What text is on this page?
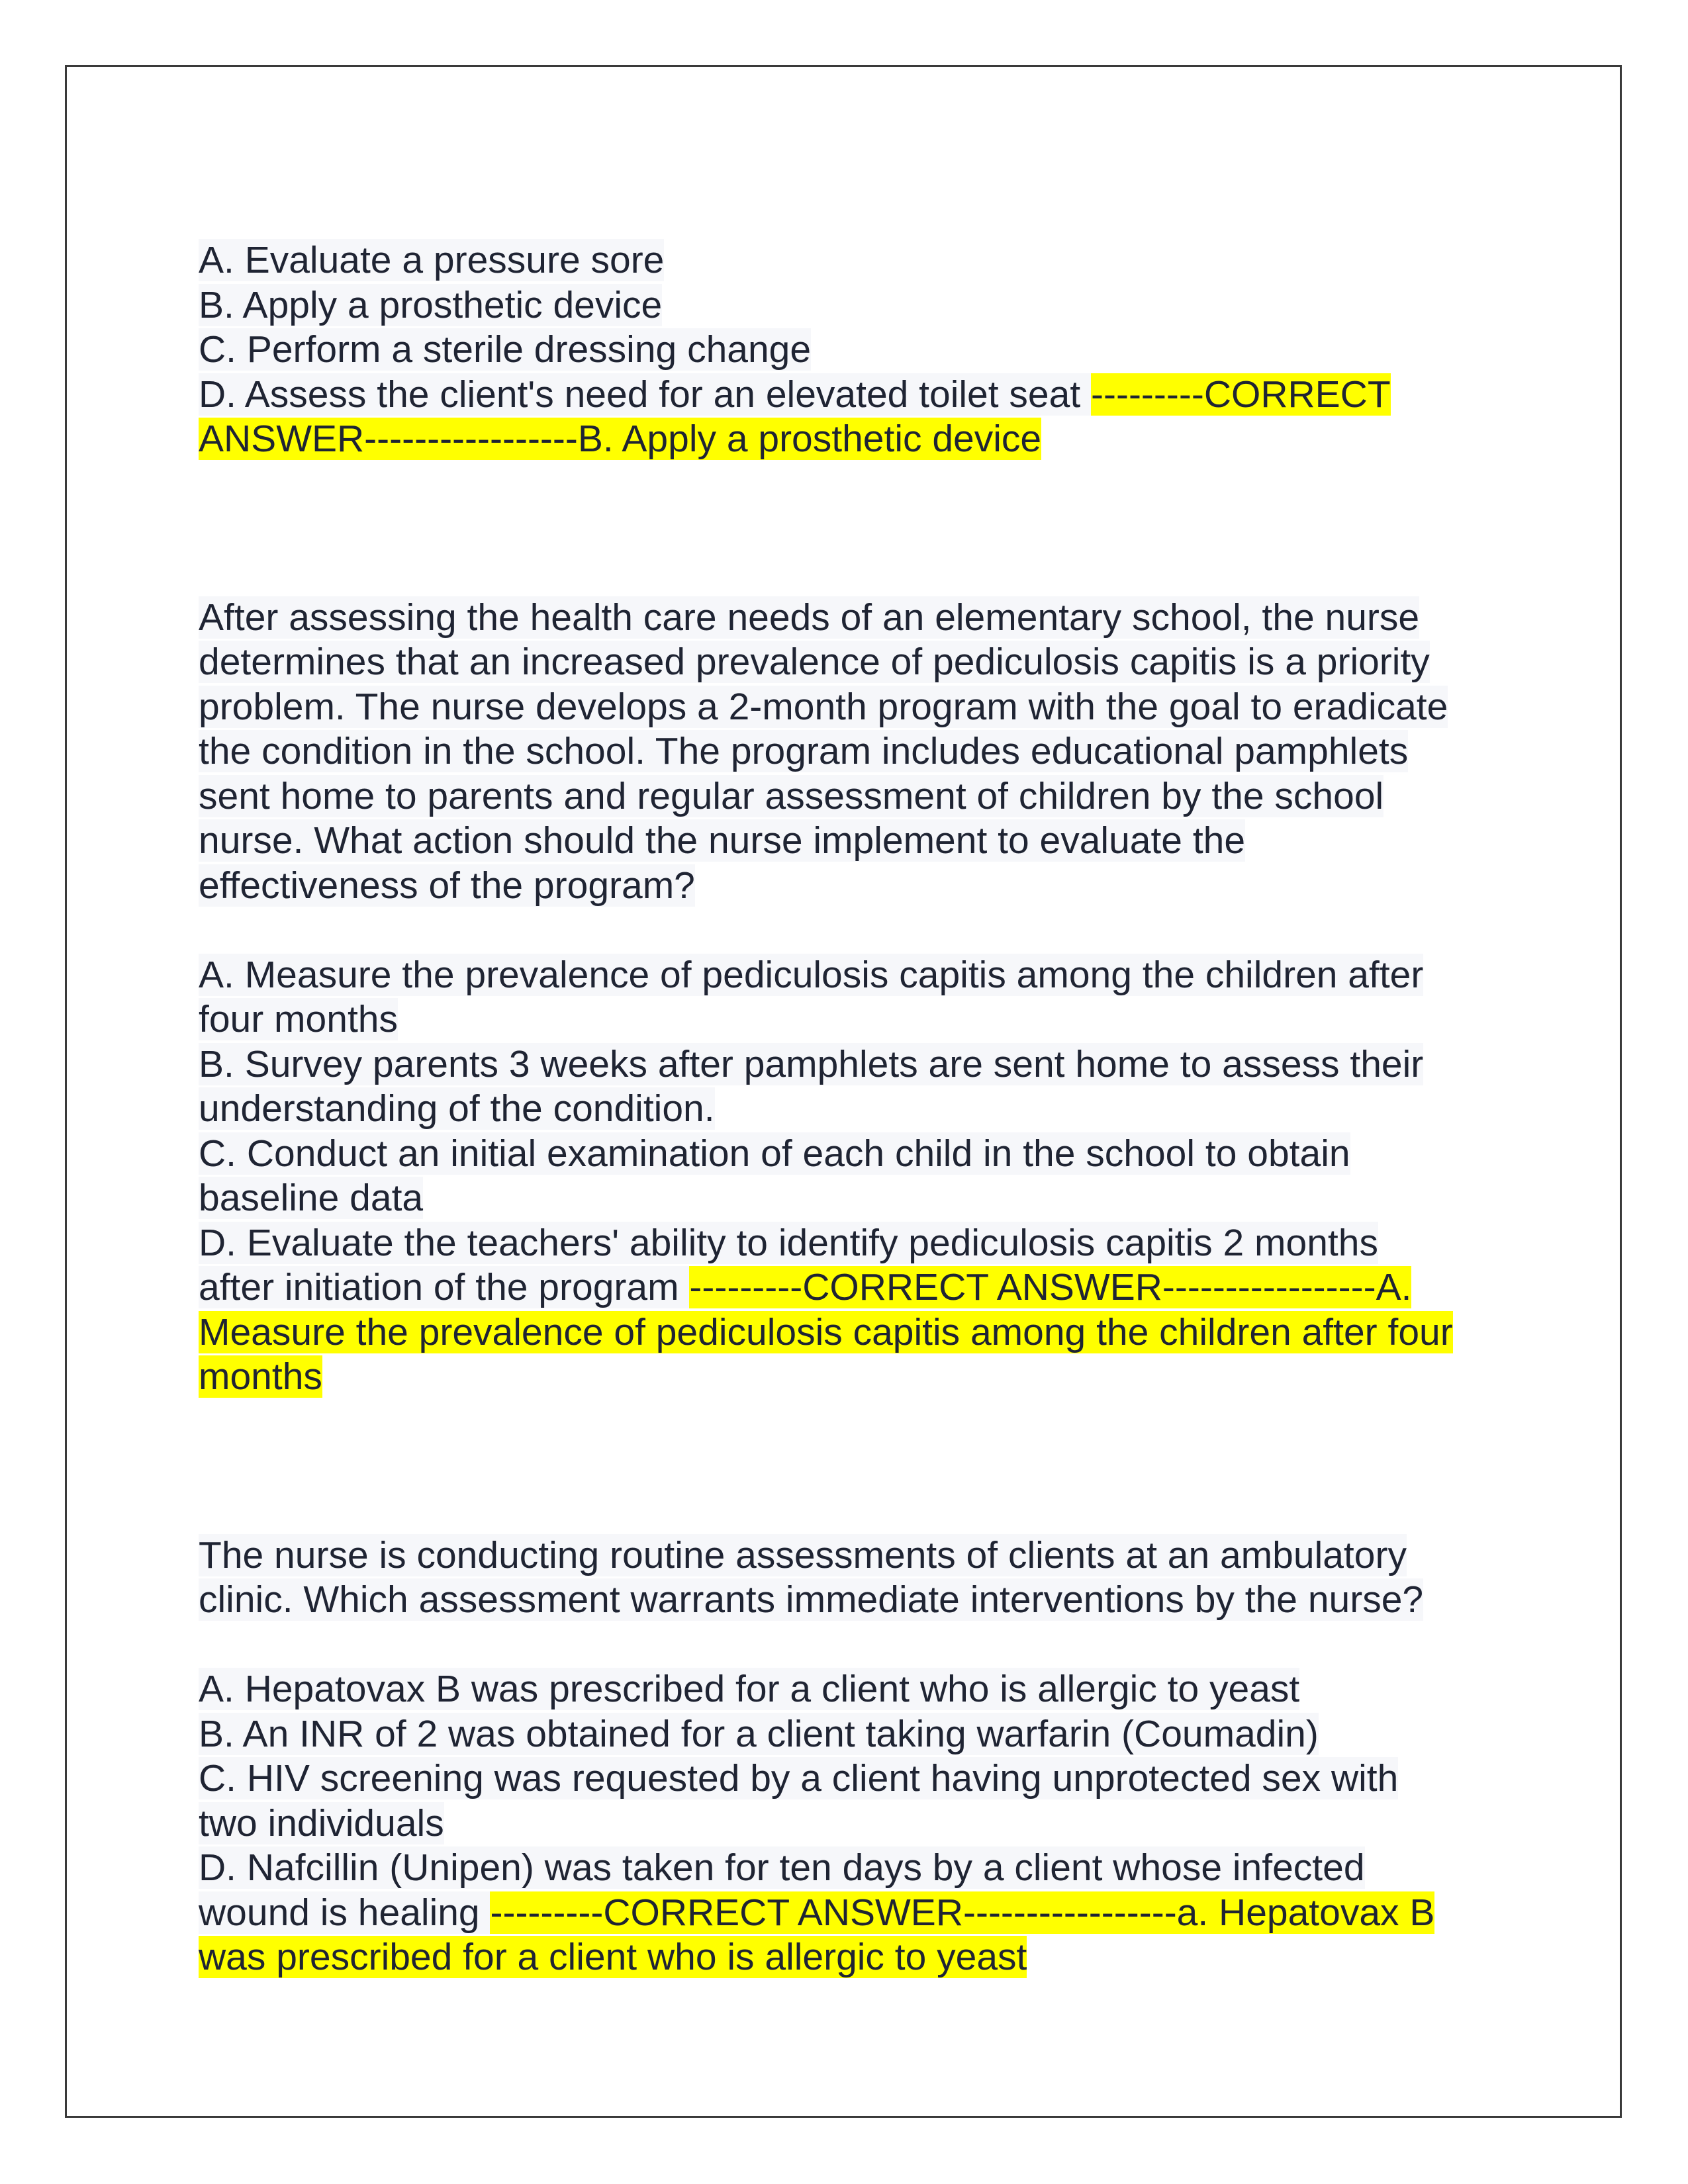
A. Evaluate a pressure sore
B. Apply a prosthetic device
C. Perform a sterile dressing change
D. Assess the client's need for an elevated toilet seat ---------CORRECT
ANSWER-----------------B. Apply a prosthetic device
After assessing the health care needs of an elementary school, the nurse
determines that an increased prevalence of pediculosis capitis is a priority
problem. The nurse develops a 2-month program with the goal to eradicate
the condition in the school. The program includes educational pamphlets
sent home to parents and regular assessment of children by the school
nurse. What action should the nurse implement to evaluate the
effectiveness of the program?
A. Measure the prevalence of pediculosis capitis among the children after
four months
B. Survey parents 3 weeks after pamphlets are sent home to assess their
understanding of the condition.
C. Conduct an initial examination of each child in the school to obtain
baseline data
D. Evaluate the teachers' ability to identify pediculosis capitis 2 months
after initiation of the program ---------CORRECT ANSWER-----------------A.
Measure the prevalence of pediculosis capitis among the children after four
months
The nurse is conducting routine assessments of clients at an ambulatory
clinic. Which assessment warrants immediate interventions by the nurse?
A. Hepatovax B was prescribed for a client who is allergic to yeast
B. An INR of 2 was obtained for a client taking warfarin (Coumadin)
C. HIV screening was requested by a client having unprotected sex with
two individuals
D. Nafcillin (Unipen) was taken for ten days by a client whose infected
wound is healing ---------CORRECT ANSWER-----------------a. Hepatovax B
was prescribed for a client who is allergic to yeast
